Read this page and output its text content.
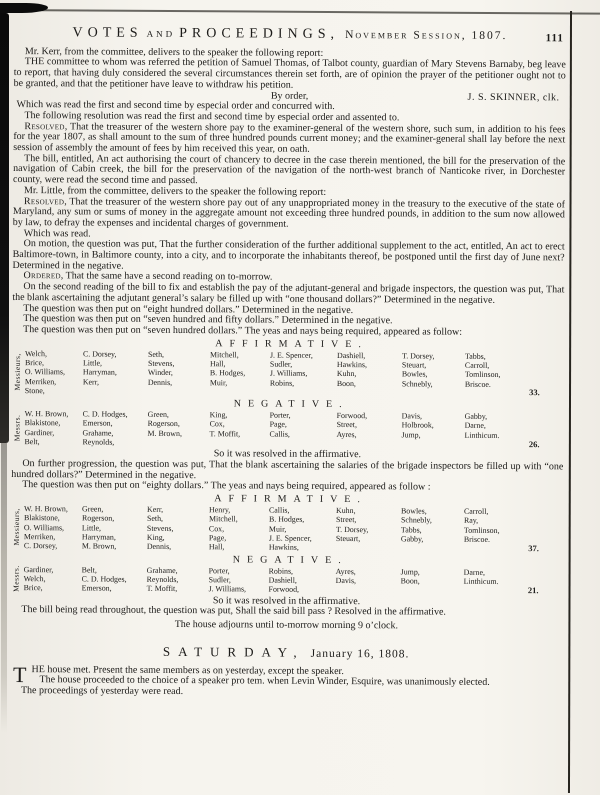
VOTES AND PROCEEDINGS, November Session, 1807.	111

Mr. Kerr, from the committee, delivers to the speaker the following report:

THE committee to whom was referred the petition of Samuel Thomas, of Talbot county, guardian of Mary Stevens Barnaby, beg leave to report, that having duly considered the several circumstances therein set forth, are of opinion the prayer of the petitioner ought not to be granted, and that the petitioner have leave to withdraw his petition.

By order,	J. S. SKINNER, clk.

Which was read the first and second time by especial order and concurred with.

The following resolution was read the first and second time by especial order and assented to.

Resolved, That the treasurer of the western shore pay to the examiner-general of the western shore, such sum, in addition to his fees for the year 1807, as shall amount to the sum of three hundred pounds current money; and the examiner-general shall lay before the next session of assembly the amount of fees by him received this year, on oath.

The bill, entitled, An act authorising the court of chancery to decree in the case therein mentioned, the bill for the preservation of the navigation of Cabin creek, the bill for the preservation of the navigation of the north-west branch of Nanticoke river, in Dorchester county, were read the second time and passed.

Mr. Little, from the committee, delivers to the speaker the following report:

Resolved, That the treasurer of the western shore pay out of any unappropriated money in the treasury to the executive of the state of Maryland, any sum or sums of money in the aggregate amount not exceeding three hundred pounds, in addition to the sum now allowed by law, to defray the expenses and incidental charges of government.

Which was read.

On motion, the question was put, That the further consideration of the further additional supplement to the act, entitled, An act to erect Baltimore-town, in Baltimore county, into a city, and to incorporate the inhabitants thereof, be postponed until the first day of June next? Determined in the negative.

Ordered, That the same have a second reading on to-morrow.

On the second reading of the bill to fix and establish the pay of the adjutant-general and brigade inspectors, the question was put, That the blank ascertaining the adjutant general’s salary be filled up with “one thousand dollars?” Determined in the negative.

The question was then put on “eight hundred dollars.” Determined in the negative.

The question was then put on “seven hundred and fifty dollars.” Determined in the negative.

The question was then put on “seven hundred dollars.” The yeas and nays being required, appeared as follow:

AFFIRMATIVE.
Messieurs, Welch,
Brice,
O. Williams,
Merriken,
Stone,
C. Dorsey,
Little,
Harryman,
Kerr,
Seth,
Stevens,
Winder,
Dennis,
Mitchell,
Hall,
B. Hodges,
Muir,
J. E. Spencer,
Sudler,
J. Williams,
Robins,
Dashiell,
Hawkins,
Kuhn,
Boon,
T. Dorsey,
Steuart,
Bowles,
Schnebly,
Tabbs,
Carroll,
Tomlinson,
Briscoe.
33.
NEGATIVE.
Messrs.
W. H. Brown,
Blakistone,
Gardiner,
Belt,
C. D. Hodges,
Emerson,
Grahame,
Reynolds,
Green,
Rogerson,
M. Brown,
King,
Cox,
T. Moffit,
Porter,
Page,
Callis,
Forwood,
Street,
Ayres,
Davis,
Holbrook,
Jump,
Gabby,
Darne,
Linthicum.
26.

So it was resolved in the affirmative.

On further progression, the question was put, That the blank ascertaining the salaries of the brigade inspectors be filled up with “one hundred dollars?” Determined in the negative.

The question was then put on “eighty dollars.” The yeas and nays being required, appeared as follow :

AFFIRMATIVE.
Messieurs, W. H. Brown,
Blakistone,
O. Williams,
Merriken,
C. Dorsey,
Green,
Rogerson,
Little,
Harryman,
M. Brown,
Kerr,
Seth,
Stevens,
King,
Dennis,
Henry,
Mitchell,
Cox,
Page,
Hall,
Callis,
B. Hodges,
Muir,
J. E. Spencer,
Hawkins,
Kuhn,
Street,
T. Dorsey,
Steuart,
Bowles,
Schnebly,
Tabbs,
Gabby,
Carroll,
Ray,
Tomlinson,
Briscoe.
37.
NEGATIVE.
Messrs. Gardiner,
Welch,
Brice,
Belt,
C. D. Hodges,
Emerson,
Grahame,
Reynolds,
T. Moffit,
Porter,
Sudler,
J. Williams,
Robins,
Dashiell,
Forwood,
Ayres,
Davis,
Jump,
Boon,
Darne,
Linthicum.
21.

So it was resolved in the affirmative.

The bill being read throughout, the question was put, Shall the said bill pass ? Resolved in the affirmative.

The house adjourns until to-morrow morning 9 o’clock.

SATURDAY, January 16, 1808.

THE house met. Present the same members as on yesterday, except the speaker.

The house proceeded to the choice of a speaker pro tem. when Levin Winder, Esquire, was unanimously elected.

The proceedings of yesterday were read.
